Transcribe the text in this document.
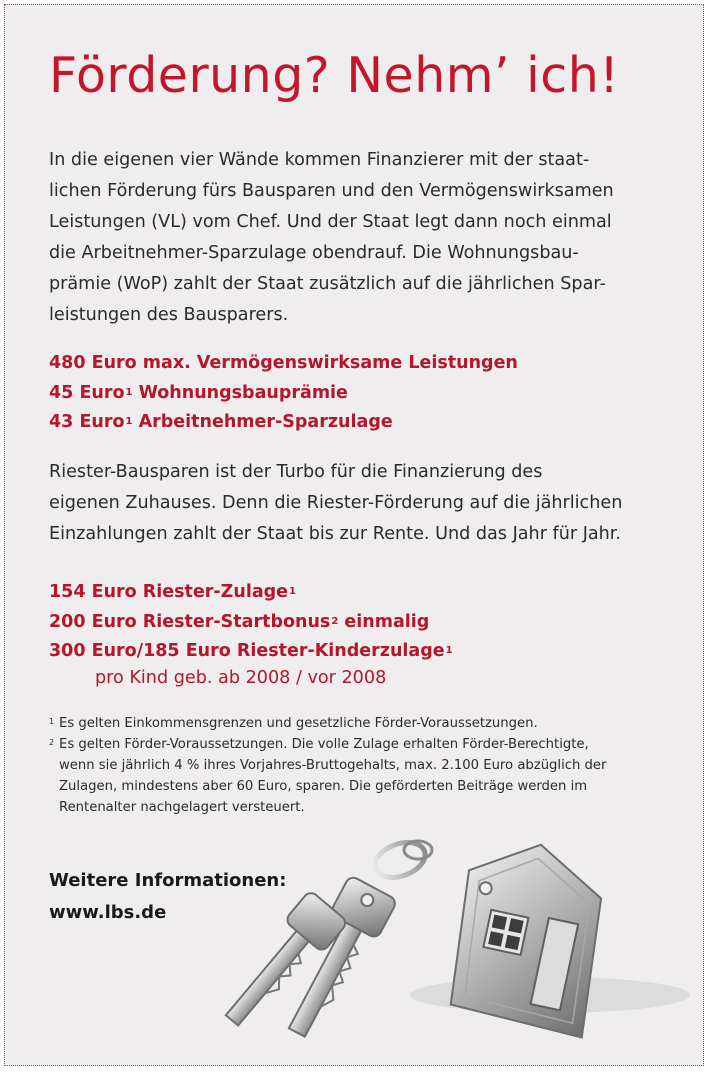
Förderung? Nehm’ ich!
In die eigenen vier Wände kommen Finanzierer mit der staat-
lichen Förderung fürs Bausparen und den Vermögenswirksamen
Leistungen (VL) vom Chef. Und der Staat legt dann noch einmal
die Arbeitnehmer-Sparzulage obendrauf. Die Wohnungsbau-
prämie (WoP) zahlt der Staat zusätzlich auf die jährlichen Spar-
leistungen des Bausparers.
480 Euro max. Vermögenswirksame Leistungen
45 Euro$^1$ Wohnungsbauprämie
43 Euro$^1$ Arbeitnehmer-Sparzulage
Riester-Bausparen ist der Turbo für die Finanzierung des
eigenen Zuhauses. Denn die Riester-Förderung auf die jährlichen
Einzahlungen zahlt der Staat bis zur Rente. Und das Jahr für Jahr.
154 Euro Riester-Zulage$^1$
200 Euro Riester-Startbonus$^2$ einmalig
300 Euro/185 Euro Riester-Kinderzulage$^1$
pro Kind geb. ab 2008 / vor 2008
1 Es gelten Einkommensgrenzen und gesetzliche Förder-Voraussetzungen.
2 Es gelten Förder-Voraussetzungen. Die volle Zulage erhalten Förder-Berechtigte,
wenn sie jährlich 4 % ihres Vorjahres-Bruttogehalts, max. 2.100 Euro abzüglich der
Zulagen, mindestens aber 60 Euro, sparen. Die geförderten Beiträge werden im
Rentenalter nachgelagert versteuert.
Weitere Informationen:
www.lbs.de
